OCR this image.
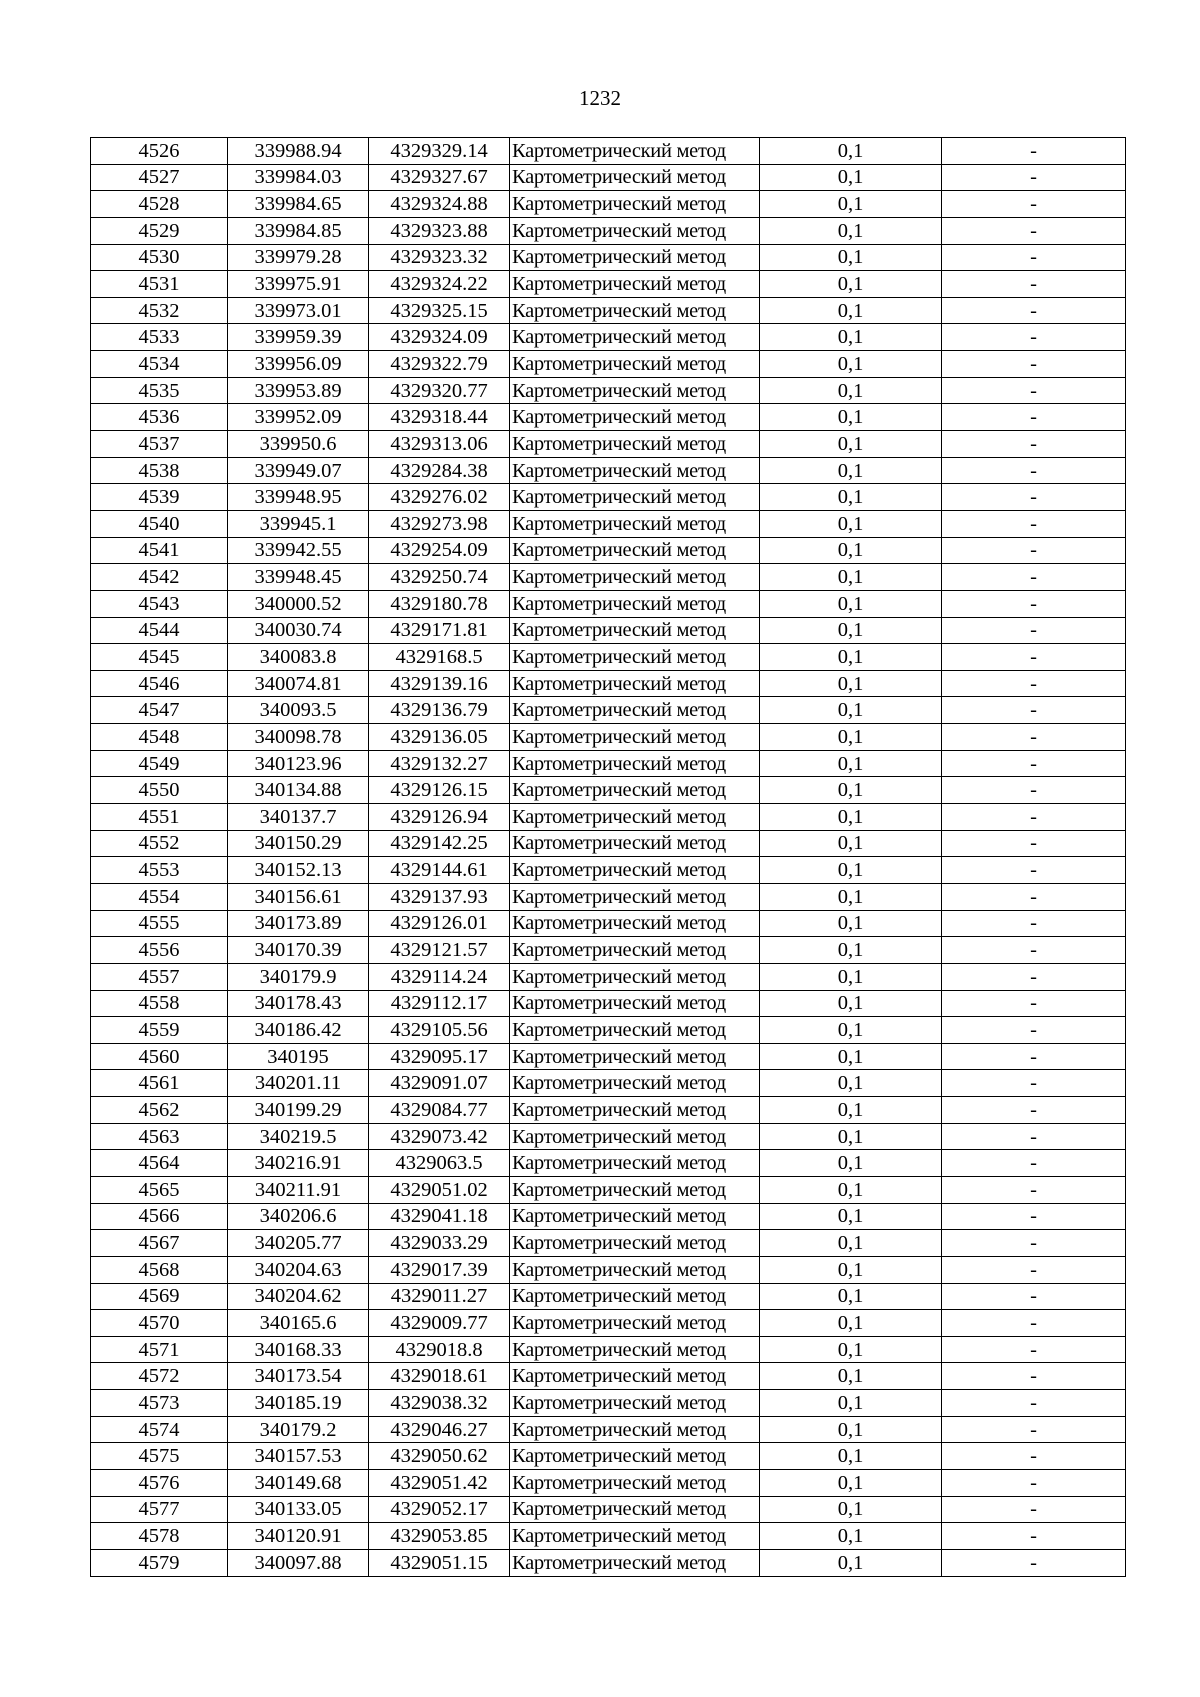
1232
4526	339988.94	4329329.14	Картометрический метод	0,1	-
4527	339984.03	4329327.67	Картометрический метод	0,1	-
4528	339984.65	4329324.88	Картометрический метод	0,1	-
4529	339984.85	4329323.88	Картометрический метод	0,1	-
4530	339979.28	4329323.32	Картометрический метод	0,1	-
4531	339975.91	4329324.22	Картометрический метод	0,1	-
4532	339973.01	4329325.15	Картометрический метод	0,1	-
4533	339959.39	4329324.09	Картометрический метод	0,1	-
4534	339956.09	4329322.79	Картометрический метод	0,1	-
4535	339953.89	4329320.77	Картометрический метод	0,1	-
4536	339952.09	4329318.44	Картометрический метод	0,1	-
4537	339950.6	4329313.06	Картометрический метод	0,1	-
4538	339949.07	4329284.38	Картометрический метод	0,1	-
4539	339948.95	4329276.02	Картометрический метод	0,1	-
4540	339945.1	4329273.98	Картометрический метод	0,1	-
4541	339942.55	4329254.09	Картометрический метод	0,1	-
4542	339948.45	4329250.74	Картометрический метод	0,1	-
4543	340000.52	4329180.78	Картометрический метод	0,1	-
4544	340030.74	4329171.81	Картометрический метод	0,1	-
4545	340083.8	4329168.5	Картометрический метод	0,1	-
4546	340074.81	4329139.16	Картометрический метод	0,1	-
4547	340093.5	4329136.79	Картометрический метод	0,1	-
4548	340098.78	4329136.05	Картометрический метод	0,1	-
4549	340123.96	4329132.27	Картометрический метод	0,1	-
4550	340134.88	4329126.15	Картометрический метод	0,1	-
4551	340137.7	4329126.94	Картометрический метод	0,1	-
4552	340150.29	4329142.25	Картометрический метод	0,1	-
4553	340152.13	4329144.61	Картометрический метод	0,1	-
4554	340156.61	4329137.93	Картометрический метод	0,1	-
4555	340173.89	4329126.01	Картометрический метод	0,1	-
4556	340170.39	4329121.57	Картометрический метод	0,1	-
4557	340179.9	4329114.24	Картометрический метод	0,1	-
4558	340178.43	4329112.17	Картометрический метод	0,1	-
4559	340186.42	4329105.56	Картометрический метод	0,1	-
4560	340195	4329095.17	Картометрический метод	0,1	-
4561	340201.11	4329091.07	Картометрический метод	0,1	-
4562	340199.29	4329084.77	Картометрический метод	0,1	-
4563	340219.5	4329073.42	Картометрический метод	0,1	-
4564	340216.91	4329063.5	Картометрический метод	0,1	-
4565	340211.91	4329051.02	Картометрический метод	0,1	-
4566	340206.6	4329041.18	Картометрический метод	0,1	-
4567	340205.77	4329033.29	Картометрический метод	0,1	-
4568	340204.63	4329017.39	Картометрический метод	0,1	-
4569	340204.62	4329011.27	Картометрический метод	0,1	-
4570	340165.6	4329009.77	Картометрический метод	0,1	-
4571	340168.33	4329018.8	Картометрический метод	0,1	-
4572	340173.54	4329018.61	Картометрический метод	0,1	-
4573	340185.19	4329038.32	Картометрический метод	0,1	-
4574	340179.2	4329046.27	Картометрический метод	0,1	-
4575	340157.53	4329050.62	Картометрический метод	0,1	-
4576	340149.68	4329051.42	Картометрический метод	0,1	-
4577	340133.05	4329052.17	Картометрический метод	0,1	-
4578	340120.91	4329053.85	Картометрический метод	0,1	-
4579	340097.88	4329051.15	Картометрический метод	0,1	-
